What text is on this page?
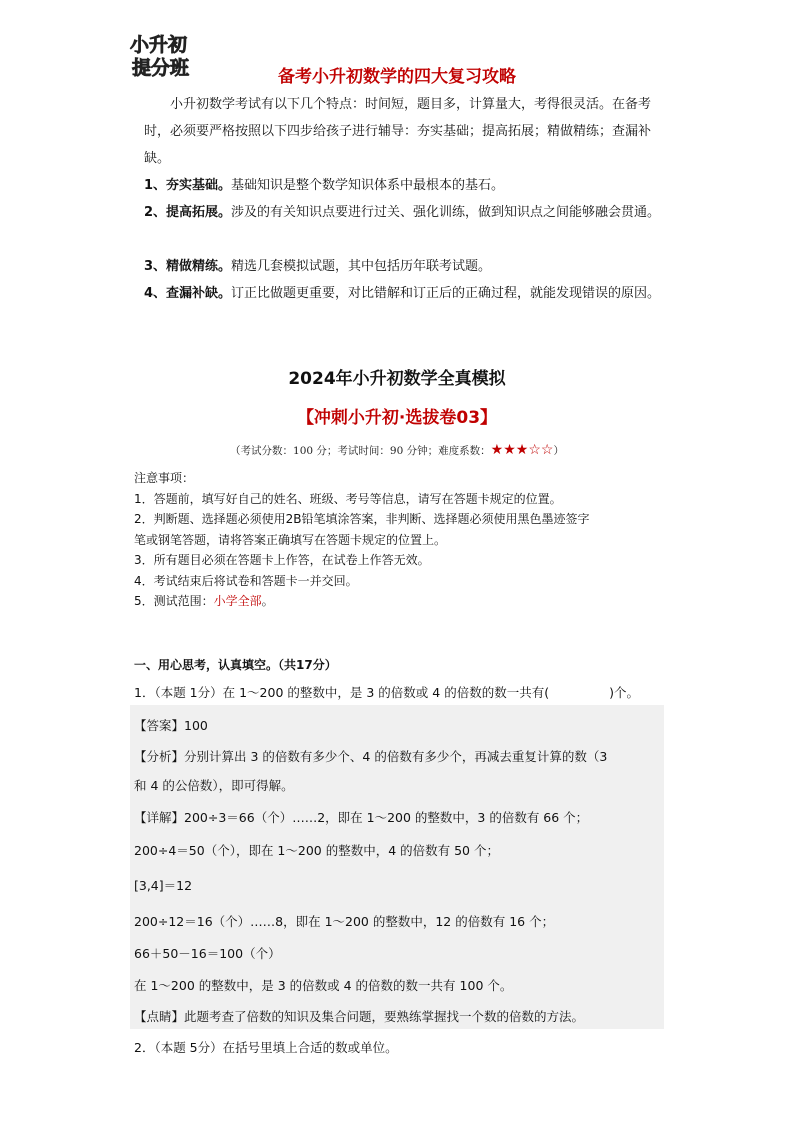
小升初
提分班	备考小升初数学的四大复习攻略
小升初数学考试有以下几个特点：时间短，题目多，计算量大，考得很灵活。在备考时，必须要严格按照以下四步给孩子进行辅导：夯实基础；提高拓展；精做精练；查漏补缺。
1、夯实基础。基础知识是整个数学知识体系中最根本的基石。
2、提高拓展。涉及的有关知识点要进行过关、强化训练，做到知识点之间能够融会贯通。
3、精做精练。精选几套模拟试题，其中包括历年联考试题。
4、查漏补缺。订正比做题更重要，对比错解和订正后的正确过程，就能发现错误的原因。
2024年小升初数学全真模拟
【冲刺小升初·选拔卷03】
（考试分数：100 分；考试时间：90 分钟；难度系数：★★★☆☆）
注意事项：
1．答题前，填写好自己的姓名、班级、考号等信息，请写在答题卡规定的位置。
2．判断题、选择题必须使用2B铅笔填涂答案，非判断、选择题必须使用黑色墨迹签字
笔或钢笔答题，请将答案正确填写在答题卡规定的位置上。
3．所有题目必须在答题卡上作答，在试卷上作答无效。
4．考试结束后将试卷和答题卡一并交回。
5．测试范围：小学全部。
一、用心思考，认真填空。（共17分）
1．（本题 1分）在 1～200 的整数中，是 3 的倍数或 4 的倍数的数一共有(	)个。
【答案】100
【分析】分别计算出 3 的倍数有多少个、4 的倍数有多少个，再减去重复计算的数（3
和 4 的公倍数），即可得解。
【详解】200÷3＝66（个）……2，即在 1～200 的整数中，3 的倍数有 66 个；
200÷4＝50（个），即在 1～200 的整数中，4 的倍数有 50 个；
[3,4]＝12
200÷12＝16（个）……8，即在 1～200 的整数中，12 的倍数有 16 个；
66＋50－16＝100（个）
在 1～200 的整数中，是 3 的倍数或 4 的倍数的数一共有 100 个。
【点睛】此题考查了倍数的知识及集合问题，要熟练掌握找一个数的倍数的方法。
2．（本题 5分）在括号里填上合适的数或单位。
